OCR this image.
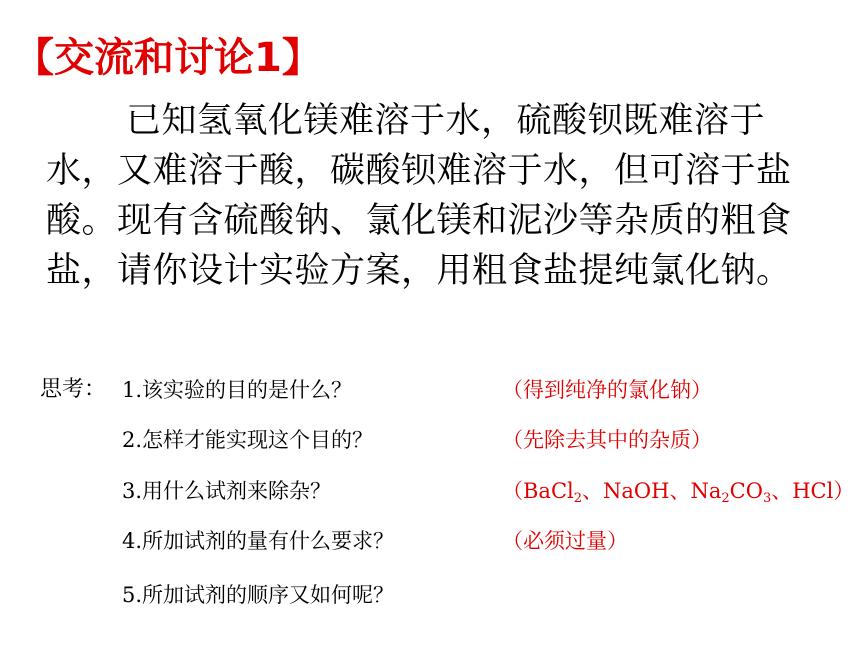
【交流和讨论1】

已知氢氧化镁难溶于水，硫酸钡既难溶于水，又难溶于酸，碳酸钡难溶于水，但可溶于盐酸。现有含硫酸钠、氯化镁和泥沙等杂质的粗食盐，请你设计实验方案，用粗食盐提纯氯化钠。

思考： 1.该实验的目的是什么？	（得到纯净的氯化钠）
2.怎样才能实现这个目的？	（先除去其中的杂质）
3.用什么试剂来除杂？	（BaCl$_2$、NaOH、$Na_2CO_3$、HCl）
4.所加试剂的量有什么要求？	（必须过量）
5.所加试剂的顺序又如何呢？
